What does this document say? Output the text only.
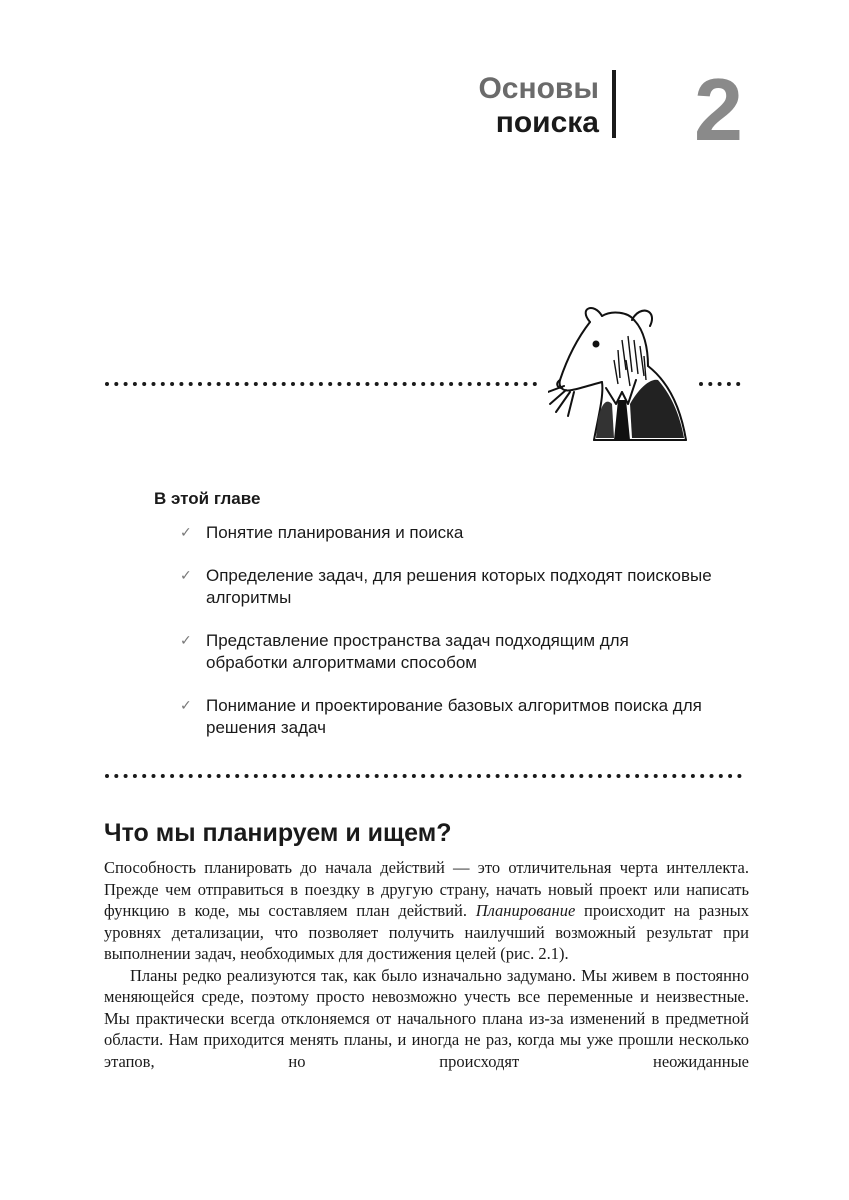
Основы
поиска 2
В этой главе
✓ Понятие планирования и поиска
✓ Определение задач, для решения которых подходят поисковые алгоритмы
✓ Представление пространства задач подходящим для обработки алгоритмами способом
✓ Понимание и проектирование базовых алгоритмов поиска для решения задач
Что мы планируем и ищем?

Способность планировать до начала действий — это отличительная черта интеллекта. Прежде чем отправиться в поездку в другую страну, начать новый проект или написать функцию в коде, мы составляем план действий. Планирование происходит на разных уровнях детализации, что позволяет получить наилучший возможный результат при выполнении задач, необходимых для достижения целей (рис. 2.1).

Планы редко реализуются так, как было изначально задумано. Мы живем в постоянно меняющейся среде, поэтому просто невозможно учесть все переменные и неизвестные. Мы практически всегда отклоняемся от начального плана из-за изменений в предметной области. Нам приходится менять планы, и иногда не раз, когда мы уже прошли несколько этапов, но происходят неожиданные
